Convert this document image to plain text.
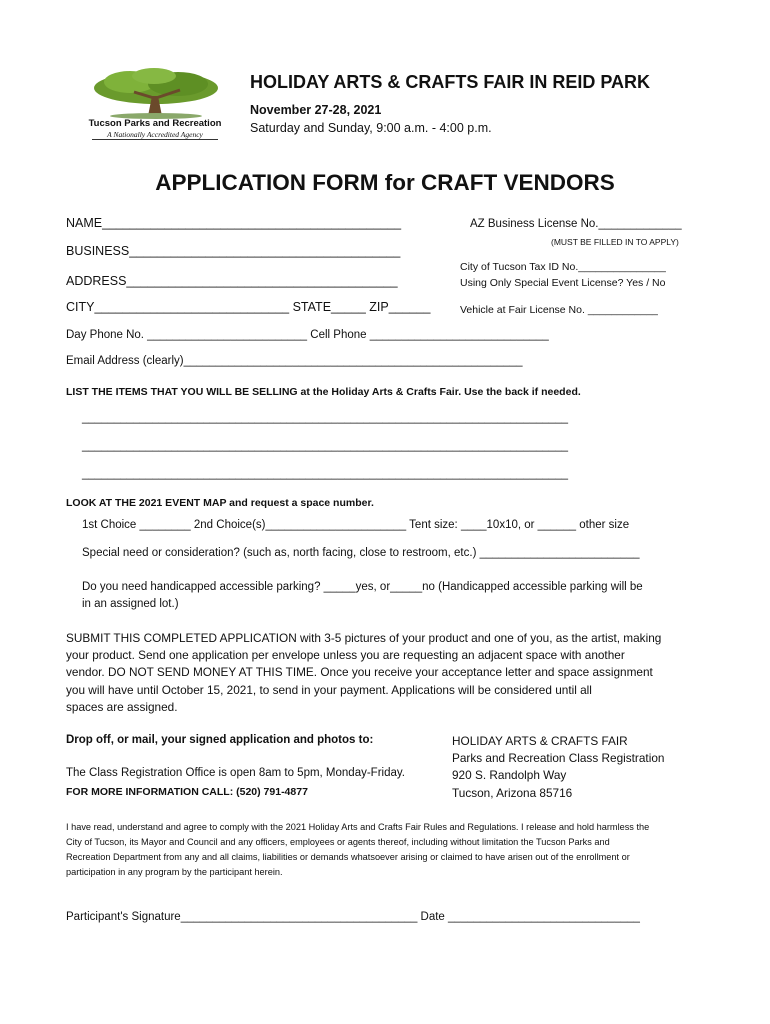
Tucson Parks and Recreation
A Nationally Accredited Agency
HOLIDAY ARTS & CRAFTS FAIR IN REID PARK
November 27-28, 2021
Saturday and Sunday, 9:00 a.m. - 4:00 p.m.
APPLICATION FORM for CRAFT VENDORS
NAME___________________________________________
BUSINESS_______________________________________
ADDRESS_______________________________________
CITY____________________________ STATE_____ ZIP______
Day Phone No. _________________________ Cell Phone ____________________________
Email Address (clearly)_____________________________________________________
AZ Business License No._____________
(MUST BE FILLED IN TO APPLY)
City of Tucson Tax ID No._______________
Using Only Special Event License? Yes / No
Vehicle at Fair License No. ____________
LIST THE ITEMS THAT YOU WILL BE SELLING at the Holiday Arts & Crafts Fair. Use the back if needed.
____________________________________________________________________________
____________________________________________________________________________
____________________________________________________________________________
LOOK AT THE 2021 EVENT MAP and request a space number.
1st Choice ________ 2nd Choice(s)______________________ Tent size: ____10x10, or ______ other size
Special need or consideration? (such as, north facing, close to restroom, etc.) _________________________
Do you need handicapped accessible parking? _____yes, or_____no (Handicapped accessible parking will be
in an assigned lot.)
SUBMIT THIS COMPLETED APPLICATION with 3-5 pictures of your product and one of you, as the artist, making
your product. Send one application per envelope unless you are requesting an adjacent space with another
vendor. DO NOT SEND MONEY AT THIS TIME. Once you receive your acceptance letter and space assignment
you will have until October 15, 2021, to send in your payment. Applications will be considered until all
spaces are assigned.
Drop off, or mail, your signed application and photos to:
The Class Registration Office is open 8am to 5pm, Monday-Friday.
FOR MORE INFORMATION CALL: (520) 791-4877
HOLIDAY ARTS & CRAFTS FAIR
Parks and Recreation Class Registration
920 S. Randolph Way
Tucson, Arizona 85716
I have read, understand and agree to comply with the 2021 Holiday Arts and Crafts Fair Rules and Regulations. I release and hold harmless the
City of Tucson, its Mayor and Council and any officers, employees or agents thereof, including without limitation the Tucson Parks and
Recreation Department from any and all claims, liabilities or demands whatsoever arising or claimed to have arisen out of the enrollment or
participation in any program by the participant herein.
Participant's Signature_____________________________________ Date ______________________________
